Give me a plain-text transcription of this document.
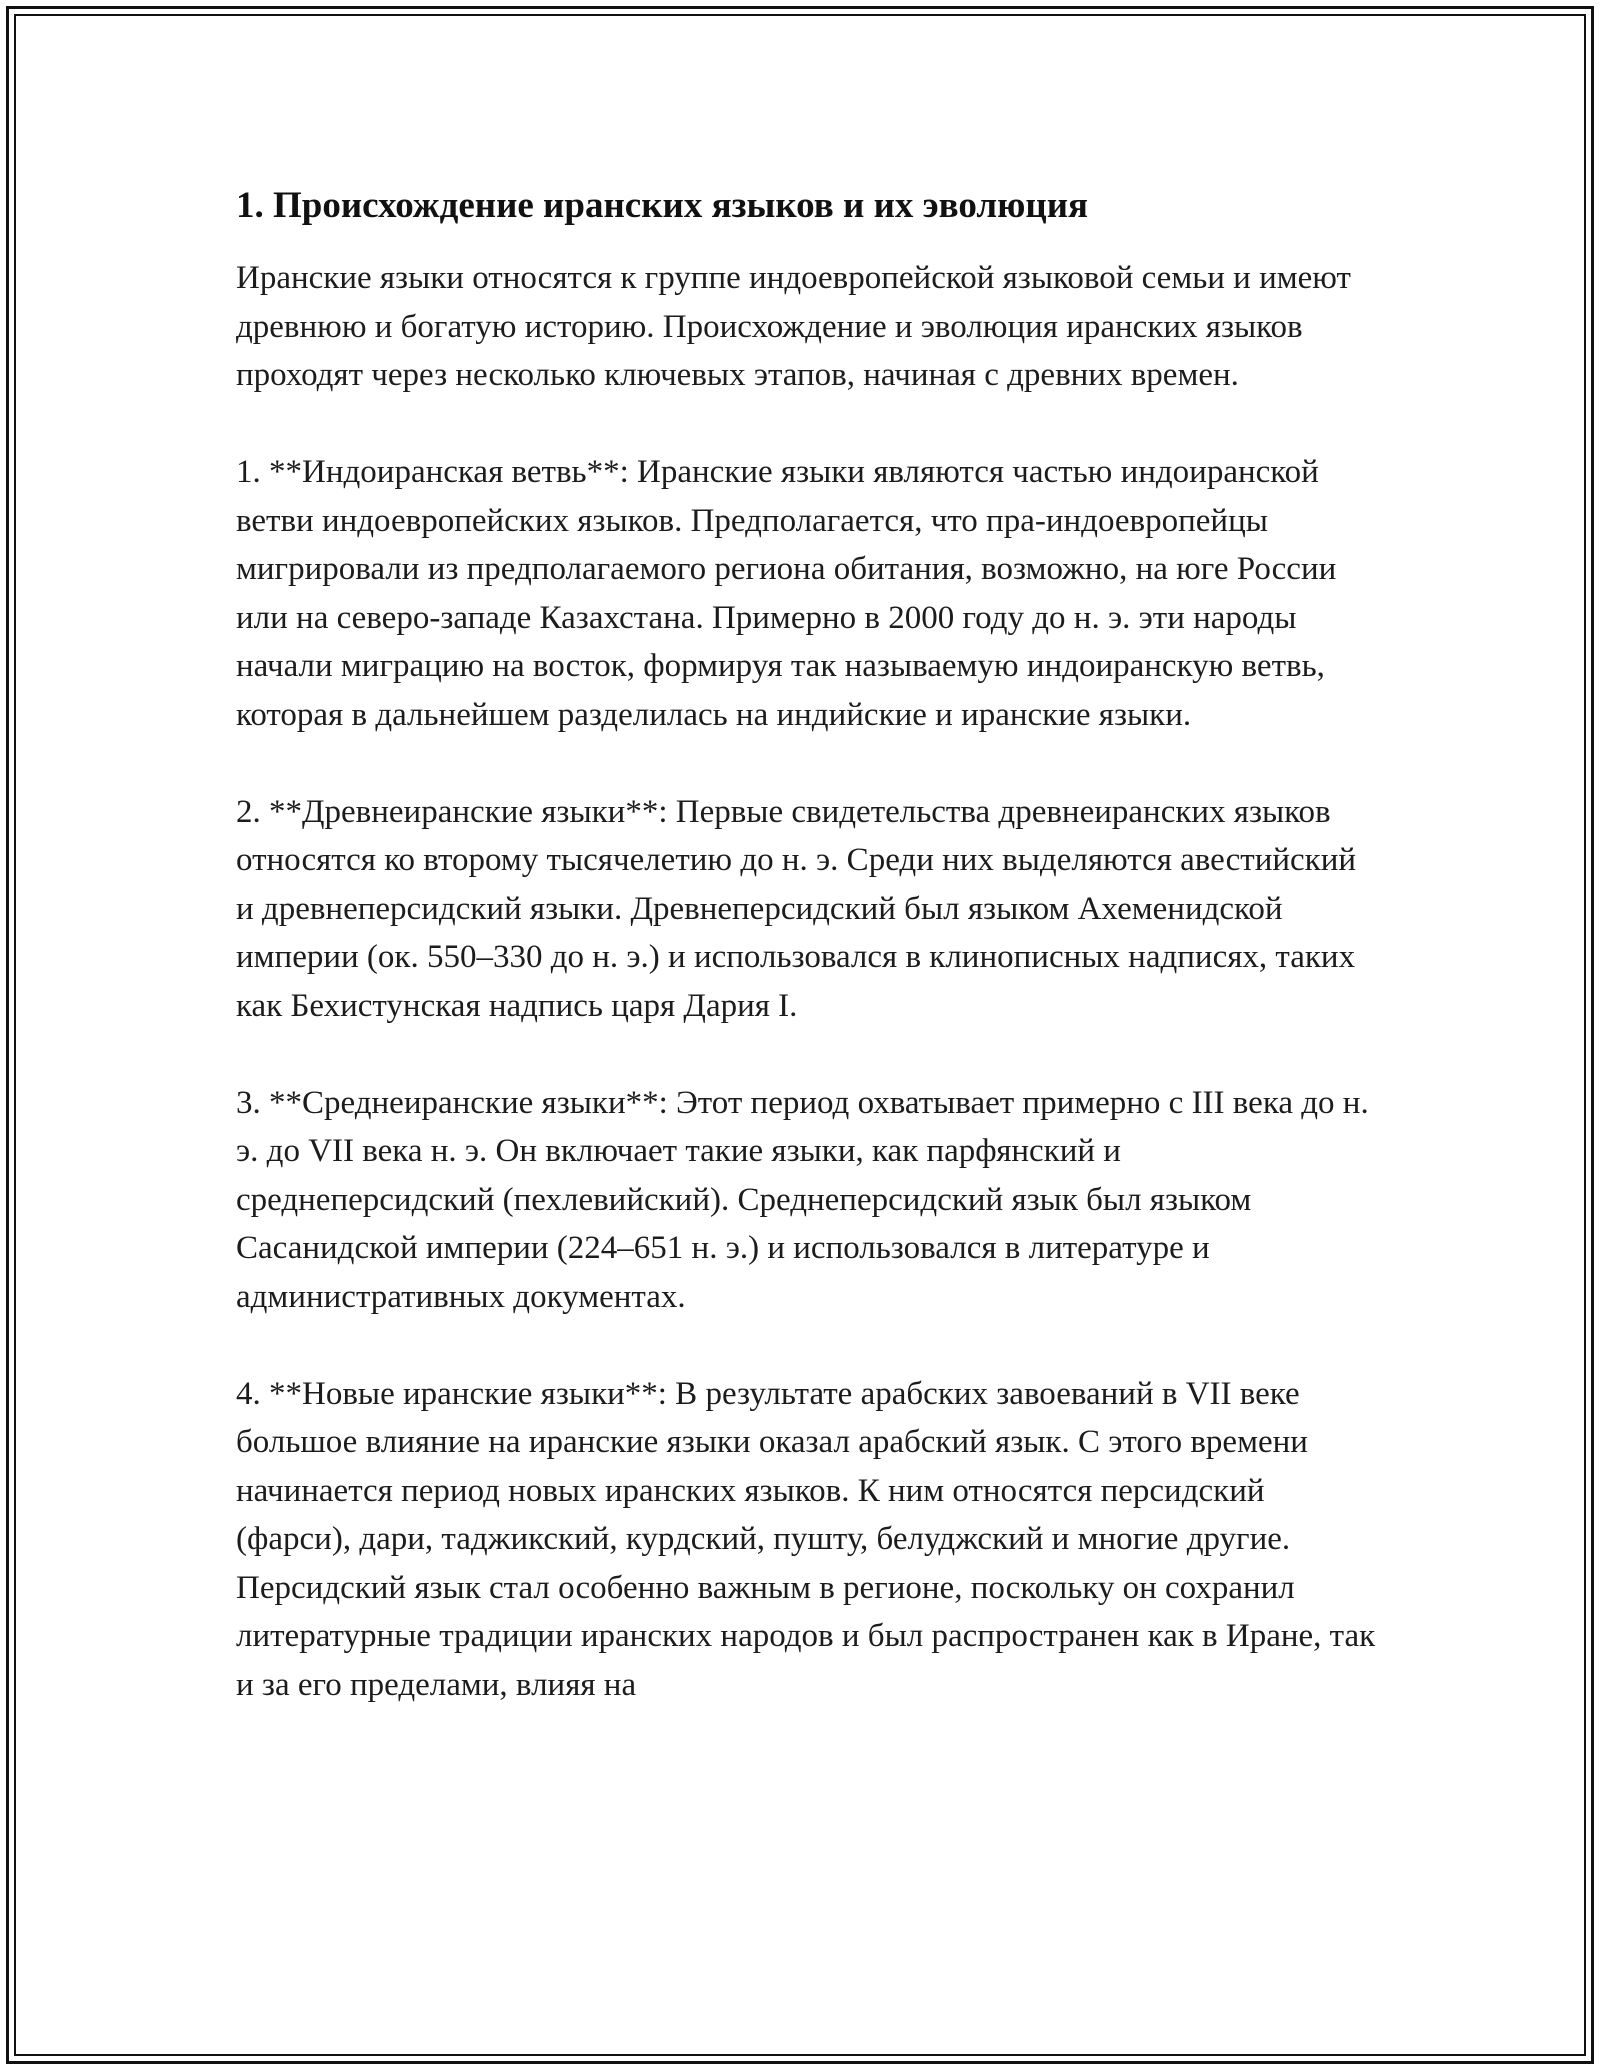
1. Происхождение иранских языков и их эволюция

Иранские языки относятся к группе индоевропейской языковой семьи и имеют древнюю и богатую историю. Происхождение и эволюция иранских языков проходят через несколько ключевых этапов, начиная с древних времен.

1. **Индоиранская ветвь**: Иранские языки являются частью индоиранской ветви индоевропейских языков. Предполагается, что пра-индоевропейцы мигрировали из предполагаемого региона обитания, возможно, на юге России или на северо-западе Казахстана. Примерно в 2000 году до н. э. эти народы начали миграцию на восток, формируя так называемую индоиранскую ветвь, которая в дальнейшем разделилась на индийские и иранские языки.

2. **Древнеиранские языки**: Первые свидетельства древнеиранских языков относятся ко второму тысячелетию до н. э. Среди них выделяются авестийский и древнеперсидский языки. Древнеперсидский был языком Ахеменидской империи (ок. 550–330 до н. э.) и использовался в клинописных надписях, таких как Бехистунская надпись царя Дария I.

3. **Среднеиранские языки**: Этот период охватывает примерно с III века до н. э. до VII века н. э. Он включает такие языки, как парфянский и среднеперсидский (пехлевийский). Среднеперсидский язык был языком Сасанидской империи (224–651 н. э.) и использовался в литературе и административных документах.

4. **Новые иранские языки**: В результате арабских завоеваний в VII веке большое влияние на иранские языки оказал арабский язык. С этого времени начинается период новых иранских языков. К ним относятся персидский (фарси), дари, таджикский, курдский, пушту, белуджский и многие другие. Персидский язык стал особенно важным в регионе, поскольку он сохранил литературные традиции иранских народов и был распространен как в Иране, так и за его пределами, влияя на
